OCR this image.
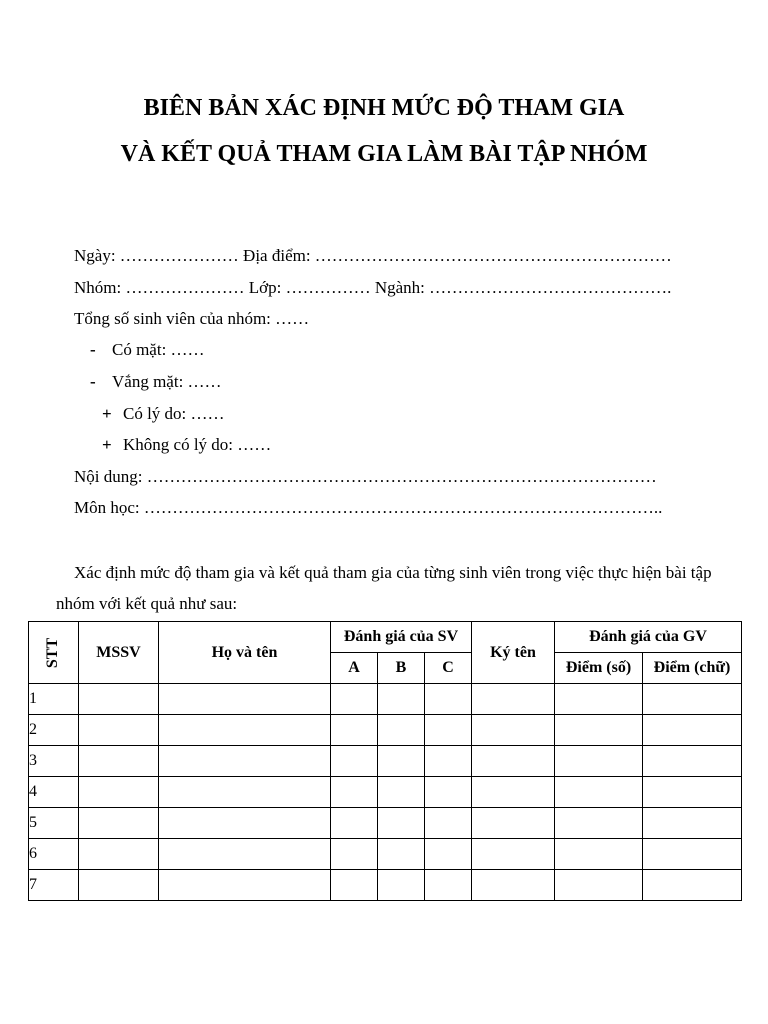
BIÊN BẢN XÁC ĐỊNH MỨC ĐỘ THAM GIA
VÀ KẾT QUẢ THAM GIA LÀM BÀI TẬP NHÓM
Ngày: ………………… Địa điểm: ………………………………………………………
Nhóm: ………………… Lớp: …………… Ngành: …………………………………….
Tổng số sinh viên của nhóm: ……
- Có mặt: ……
- Vắng mặt: ……
+ Có lý do: ……
+ Không có lý do: ……
Nội dung: ………………………………………………………………………………
Môn học: ………………………………………………………………………………..
Xác định mức độ tham gia và kết quả tham gia của từng sinh viên trong việc thực hiện bài tập nhóm với kết quả như sau:
STT	MSSV	Họ và tên	Đánh giá của SV			Ký tên	Đánh giá của GV	
			A	B	C		Điểm (số)	Điểm (chữ)
1								
2								
3								
4								
5								
6								
7								
